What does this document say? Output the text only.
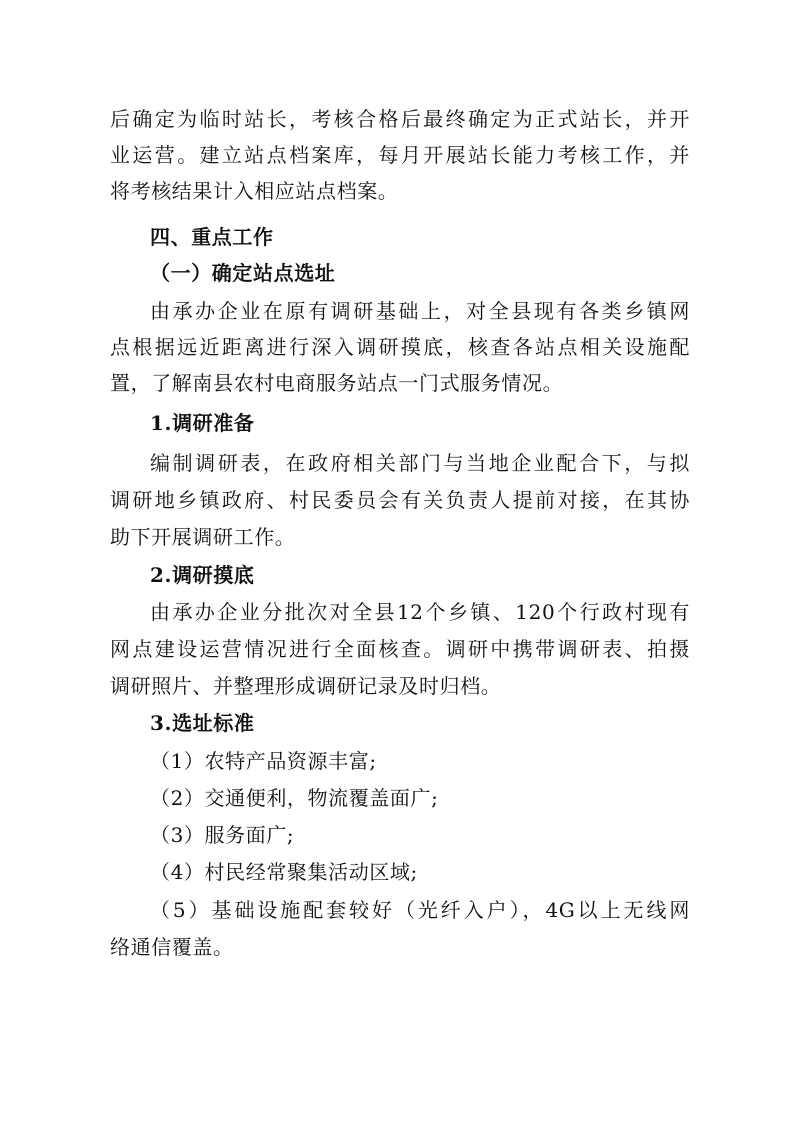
后确定为临时站长，考核合格后最终确定为正式站长，并开
业运营。建立站点档案库，每月开展站长能力考核工作，并
将考核结果计入相应站点档案。
四、重点工作
（一）确定站点选址
由承办企业在原有调研基础上，对全县现有各类乡镇网
点根据远近距离进行深入调研摸底，核查各站点相关设施配
置，了解南县农村电商服务站点一门式服务情况。
1.调研准备
编制调研表，在政府相关部门与当地企业配合下，与拟
调研地乡镇政府、村民委员会有关负责人提前对接，在其协
助下开展调研工作。
2.调研摸底
由承办企业分批次对全县12个乡镇、120个行政村现有
网点建设运营情况进行全面核查。调研中携带调研表、拍摄
调研照片、并整理形成调研记录及时归档。
3.选址标准
（1）农特产品资源丰富;
（2）交通便利，物流覆盖面广;
（3）服务面广;
（4）村民经常聚集活动区域;
（5）基础设施配套较好（光纤入户），4G以上无线网
络通信覆盖。
